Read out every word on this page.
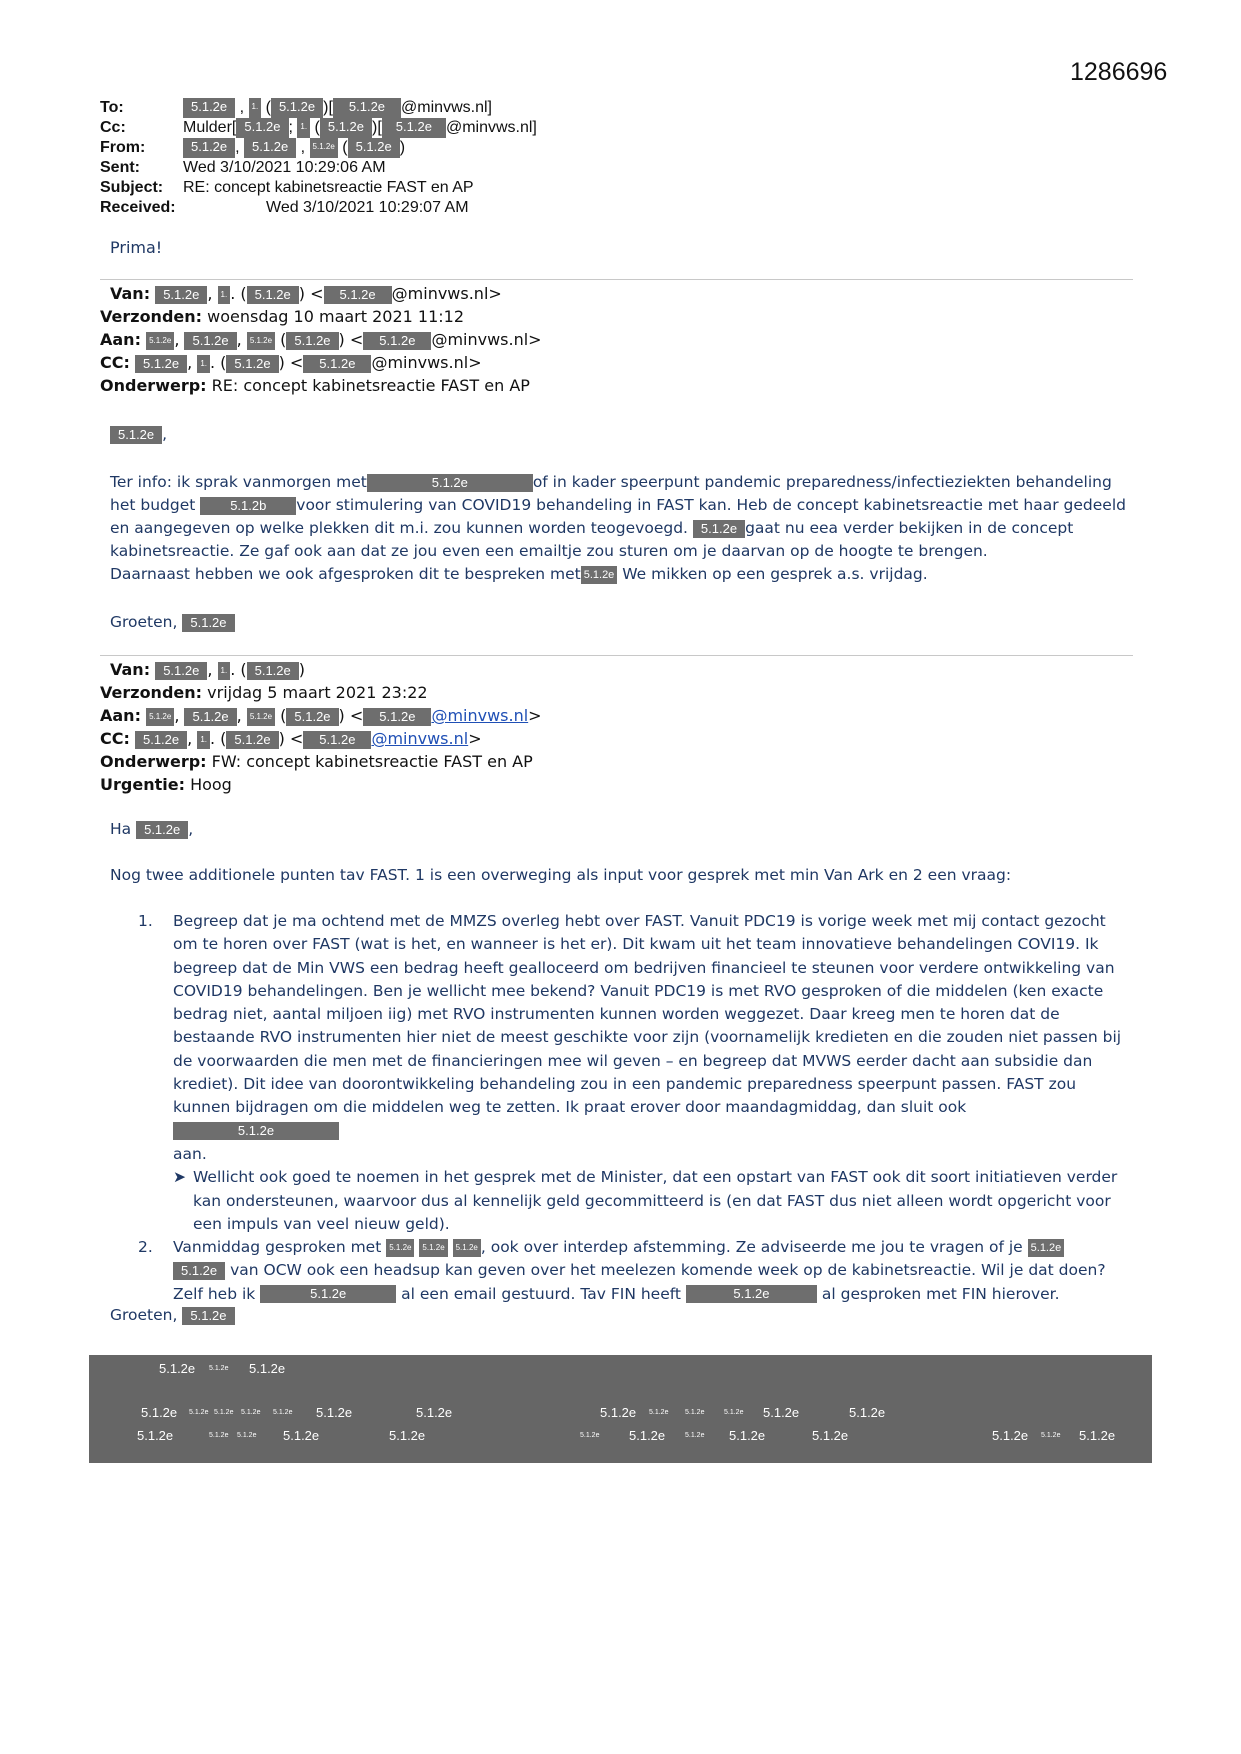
1286696
To:	5.1.2e , 1. ( 5.1.2e )[	5.1.2e	@minvws.nl]
Cc:	Mulder[ 5.1.2e ; 1. ( 5.1.2e )[	5.1.2e @minvws.nl]
From:	5.1.2e , 5.1.2e , 5.1.2e ( 5.1.2e )
Sent:	Wed 3/10/2021 10:29:06 AM
Subject:	RE: concept kabinetsreactie FAST en AP
Received:	Wed 3/10/2021 10:29:07 AM
Prima!
Van: 5.1.2e , 1. . ( 5.1.2e ) < 5.1.2e @minvws.nl>
Verzonden: woensdag 10 maart 2021 11:12
Aan: 5.1.2e , 5.1.2e , 5.1.2e ( 5.1.2e ) < 5.1.2e @minvws.nl>
CC: 5.1.2e , 1. . ( 5.1.2e ) < 5.1.2e @minvws.nl>
Onderwerp: RE: concept kabinetsreactie FAST en AP
5.1.2e ,
Ter info: ik sprak vanmorgen met	5.1.2e	of in kader speerpunt pandemic preparedness/infectieziekten behandeling
het budget	5.1.2b voor stimulering van COVID19 behandeling in FAST kan. Heb de concept kabinetsreactie met haar gedeeld
en aangegeven op welke plekken dit m.i. zou kunnen worden teogevoegd. 5.1.2e gaat nu eea verder bekijken in de concept
kabinetsreactie. Ze gaf ook aan dat ze jou even een emailtje zou sturen om je daarvan op de hoogte te brengen.
Daarnaast hebben we ook afgesproken dit te bespreken met 5.1.2e We mikken op een gesprek a.s. vrijdag.
Groeten, 5.1.2e
Van: 5.1.2e , 1. . ( 5.1.2e )
Verzonden: vrijdag 5 maart 2021 23:22
Aan: 5.1.2e , 5.1.2e , 5.1.2e ( 5.1.2e ) < 5.1.2e @minvws.nl>
CC: 5.1.2e , 1. . ( 5.1.2e ) < 5.1.2e @minvws.nl>
Onderwerp: FW: concept kabinetsreactie FAST en AP
Urgentie: Hoog
Ha 5.1.2e ,
Nog twee additionele punten tav FAST. 1 is een overweging als input voor gesprek met min Van Ark en 2 een vraag:
1.	Begreep dat je ma ochtend met de MMZS overleg hebt over FAST. Vanuit PDC19 is vorige week met mij contact gezocht om te horen over FAST (wat is het, en wanneer is het er). Dit kwam uit het team innovatieve behandelingen COVI19. Ik begreep dat de Min VWS een bedrag heeft gealloceerd om bedrijven financieel te steunen voor verdere ontwikkeling van COVID19 behandelingen. Ben je wellicht mee bekend? Vanuit PDC19 is met RVO gesproken of die middelen (ken exacte bedrag niet, aantal miljoen iig) met RVO instrumenten kunnen worden weggezet. Daar kreeg men te horen dat de bestaande RVO instrumenten hier niet de meest geschikte voor zijn (voornamelijk kredieten en die zouden niet passen bij de voorwaarden die men met de financieringen mee wil geven – en begreep dat MVWS eerder dacht aan subsidie dan krediet). Dit idee van doorontwikkeling behandeling zou in een pandemic preparedness speerpunt passen. FAST zou kunnen bijdragen om die middelen weg te zetten. Ik praat erover door maandagmiddag, dan sluit ook 5.1.2e
aan.
➤ Wellicht ook goed te noemen in het gesprek met de Minister, dat een opstart van FAST ook dit soort initiatieven verder kan ondersteunen, waarvoor dus al kennelijk geld gecommitteerd is (en dat FAST dus niet alleen wordt opgericht voor een impuls van veel nieuw geld).
2.	Vanmiddag gesproken met 5.1.2e 5.1.2e 5.1.2e , ook over interdep afstemming. Ze adviseerde me jou te vragen of je 5.1.2e
5.1.2e van OCW ook een headsup kan geven over het meelezen komende week op de kabinetsreactie. Wil je dat doen? Zelf heb ik	5.1.2e	al een email gestuurd. Tav FIN heeft	5.1.2e	al gesproken met FIN hierover.
Groeten, 5.1.2e
5.1.2e 5.1.2e 5.1.2e
5.1.2e 5.1.2e 5.1.2e 5.1.2e 5.1.2e 5.1.2e	5.1.2e	5.1.2e 5.1.2e 5.1.2e	5.1.2e 5.1.2e	5.1.2e
5.1.2e	5.1.2e 5.1.2e 5.1.2e	5.1.2e	5.1.2e 5.1.2e	5.1.2e 5.1.2e	5.1.2e	5.1.2e 5.1.2e 5.1.2e
